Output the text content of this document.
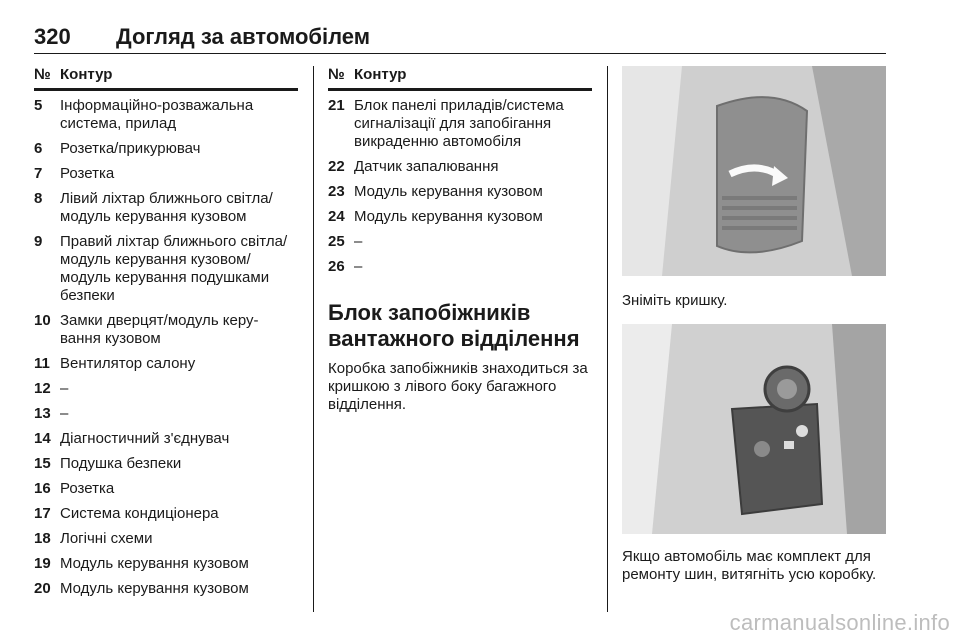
320 Догляд за автомобілем
№ Контур
5	Інформаційно-розважальна система, прилад
6	Розетка/прикурювач
7	Розетка
8	Лівий ліхтар ближнього світла/модуль керування кузовом
9	Правий ліхтар ближнього світла/модуль керування кузовом/модуль керування подушками безпеки
10 Замки дверцят/модуль керу-вання кузовом
11 Вентилятор салону
12 –
13 –
14 Діагностичний з'єднувач
15 Подушка безпеки
16 Розетка
17 Система кондиціонера
18 Логічні схеми
19 Модуль керування кузовом
20 Модуль керування кузовом
№ Контур
21 Блок панелі приладів/система сигналізації для запобігання викраденню автомобіля
22 Датчик запалювання
23 Модуль керування кузовом
24 Модуль керування кузовом
25 –
26 –
Блок запобіжників вантажного відділення
Коробка запобіжників знаходиться за кришкою з лівого боку багажного відділення.
Зніміть кришку.
Якщо автомобіль має комплект для ремонту шин, витягніть усю коробку.
carmanualsonline.info
